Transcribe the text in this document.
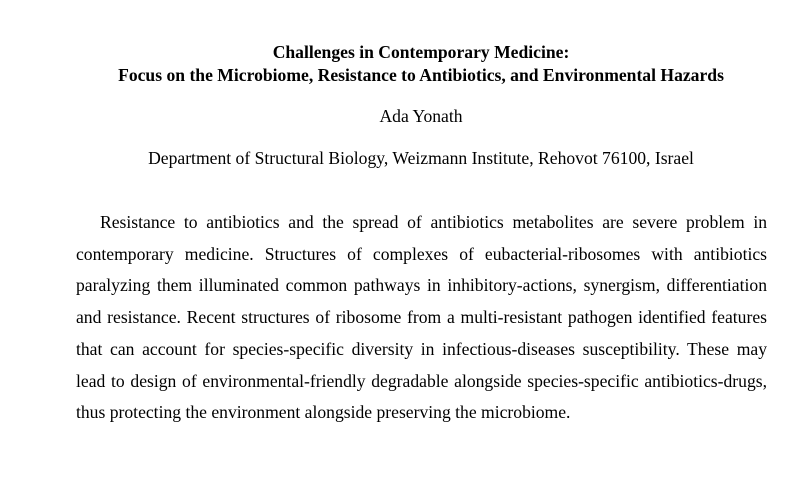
Challenges in Contemporary Medicine:
Focus on the Microbiome, Resistance to Antibiotics, and Environmental Hazards
Ada Yonath
Department of Structural Biology, Weizmann Institute, Rehovot 76100, Israel

Resistance to antibiotics and the spread of antibiotics metabolites are severe problem in contemporary medicine. Structures of complexes of eubacterial-ribosomes with antibiotics paralyzing them illuminated common pathways in inhibitory-actions, synergism, differentiation and resistance. Recent structures of ribosome from a multi-resistant pathogen identified features that can account for species-specific diversity in infectious-diseases susceptibility. These may lead to design of environmental-friendly degradable alongside species-specific antibiotics-drugs, thus protecting the environment alongside preserving the microbiome.
